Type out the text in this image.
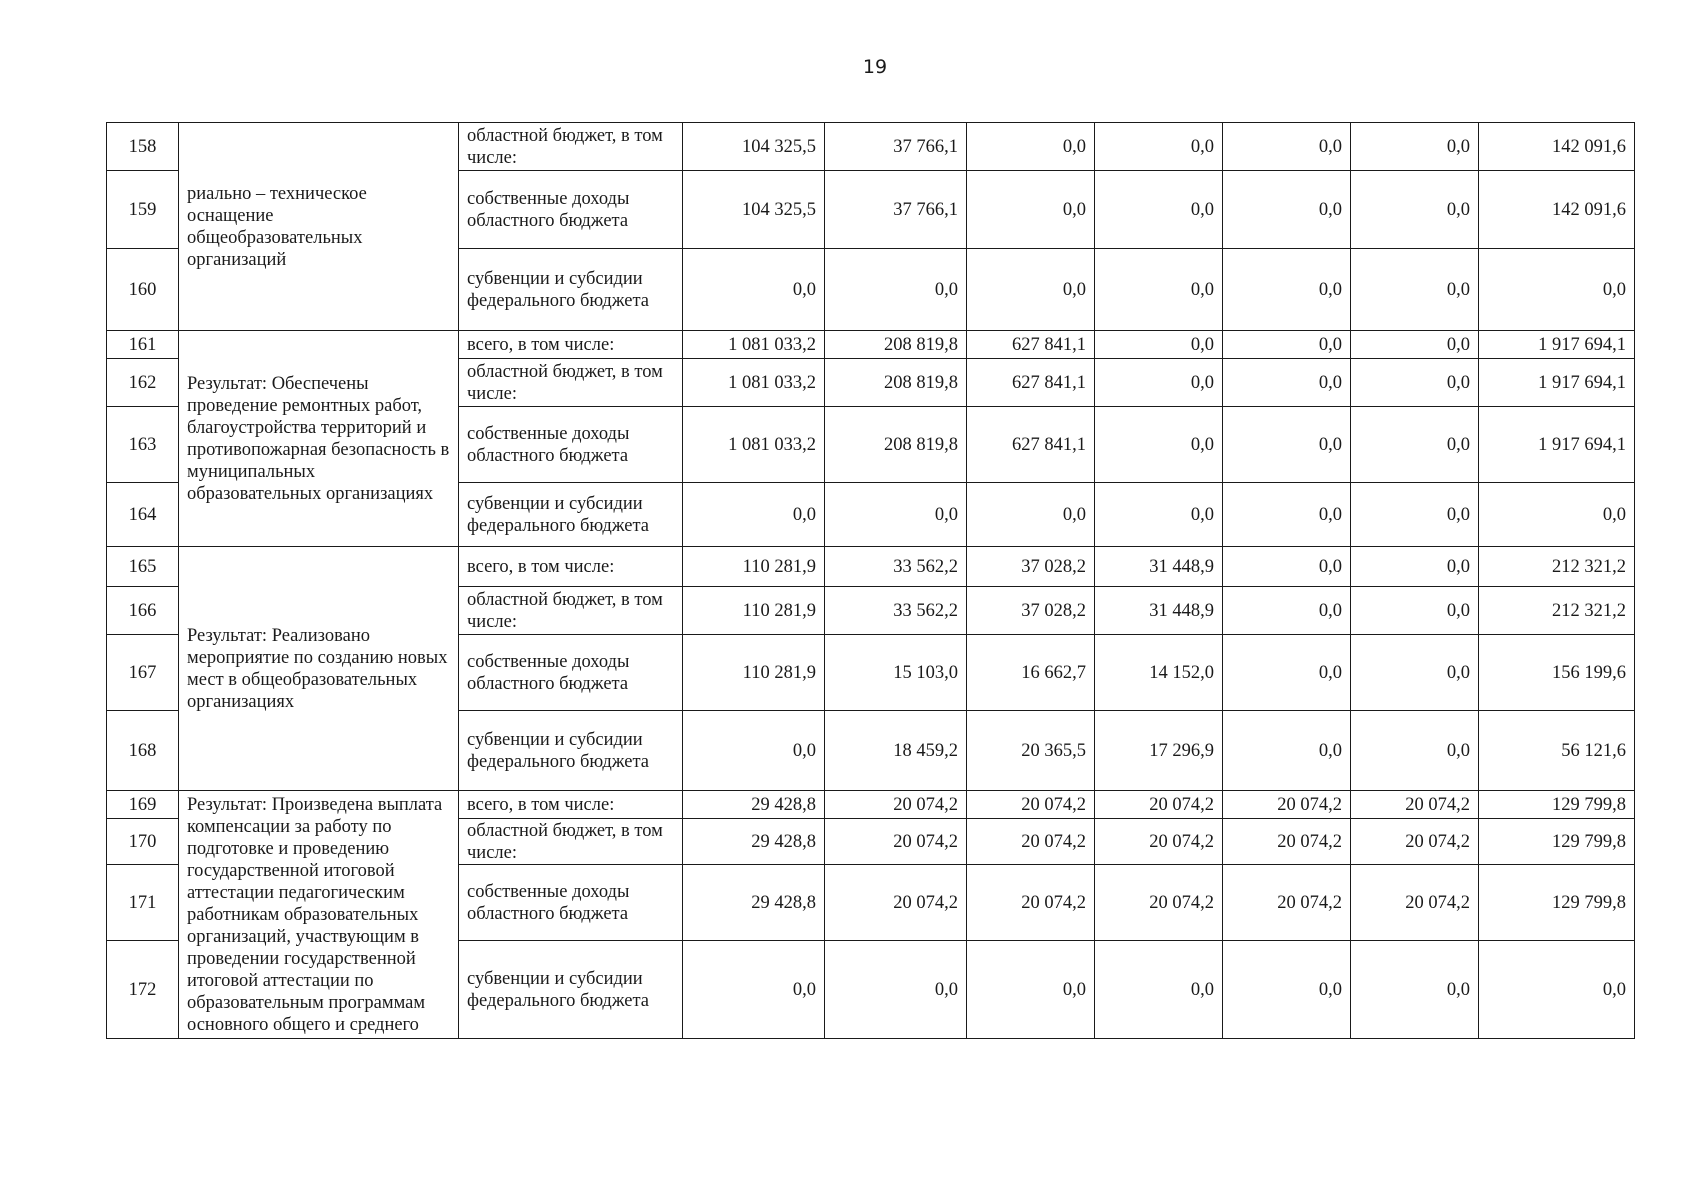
19
158	риально – техническое оснащение общеобразовательных организаций	областной бюджет, в том числе:	104 325,5	37 766,1	0,0	0,0	0,0	0,0	142 091,6
159		собственные доходы областного бюджета	104 325,5	37 766,1	0,0	0,0	0,0	0,0	142 091,6
160		субвенции и субсидии федерального бюджета	0,0	0,0	0,0	0,0	0,0	0,0	0,0
161	Результат: Обеспечены проведение ремонтных работ, благоустройства территорий и противопожарная безопасность в муниципальных образовательных организациях	всего, в том числе:	1 081 033,2	208 819,8	627 841,1	0,0	0,0	0,0	1 917 694,1
162		областной бюджет, в том числе:	1 081 033,2	208 819,8	627 841,1	0,0	0,0	0,0	1 917 694,1
163		собственные доходы областного бюджета	1 081 033,2	208 819,8	627 841,1	0,0	0,0	0,0	1 917 694,1
164		субвенции и субсидии федерального бюджета	0,0	0,0	0,0	0,0	0,0	0,0	0,0
165	Результат: Реализовано мероприятие по созданию новых мест в общеобразовательных организациях	всего, в том числе:	110 281,9	33 562,2	37 028,2	31 448,9	0,0	0,0	212 321,2
166		областной бюджет, в том числе:	110 281,9	33 562,2	37 028,2	31 448,9	0,0	0,0	212 321,2
167		собственные доходы областного бюджета	110 281,9	15 103,0	16 662,7	14 152,0	0,0	0,0	156 199,6
168		субвенции и субсидии федерального бюджета	0,0	18 459,2	20 365,5	17 296,9	0,0	0,0	56 121,6
169	Результат: Произведена выплата компенсации за работу по подготовке и проведению государственной итоговой аттестации педагогическим работникам образовательных организаций, участвующим в проведении государственной итоговой аттестации по образовательным программам основного общего и среднего	всего, в том числе:	29 428,8	20 074,2	20 074,2	20 074,2	20 074,2	20 074,2	129 799,8
170		областной бюджет, в том числе:	29 428,8	20 074,2	20 074,2	20 074,2	20 074,2	20 074,2	129 799,8
171		собственные доходы областного бюджета	29 428,8	20 074,2	20 074,2	20 074,2	20 074,2	20 074,2	129 799,8
172		субвенции и субсидии федерального бюджета	0,0	0,0	0,0	0,0	0,0	0,0	0,0
